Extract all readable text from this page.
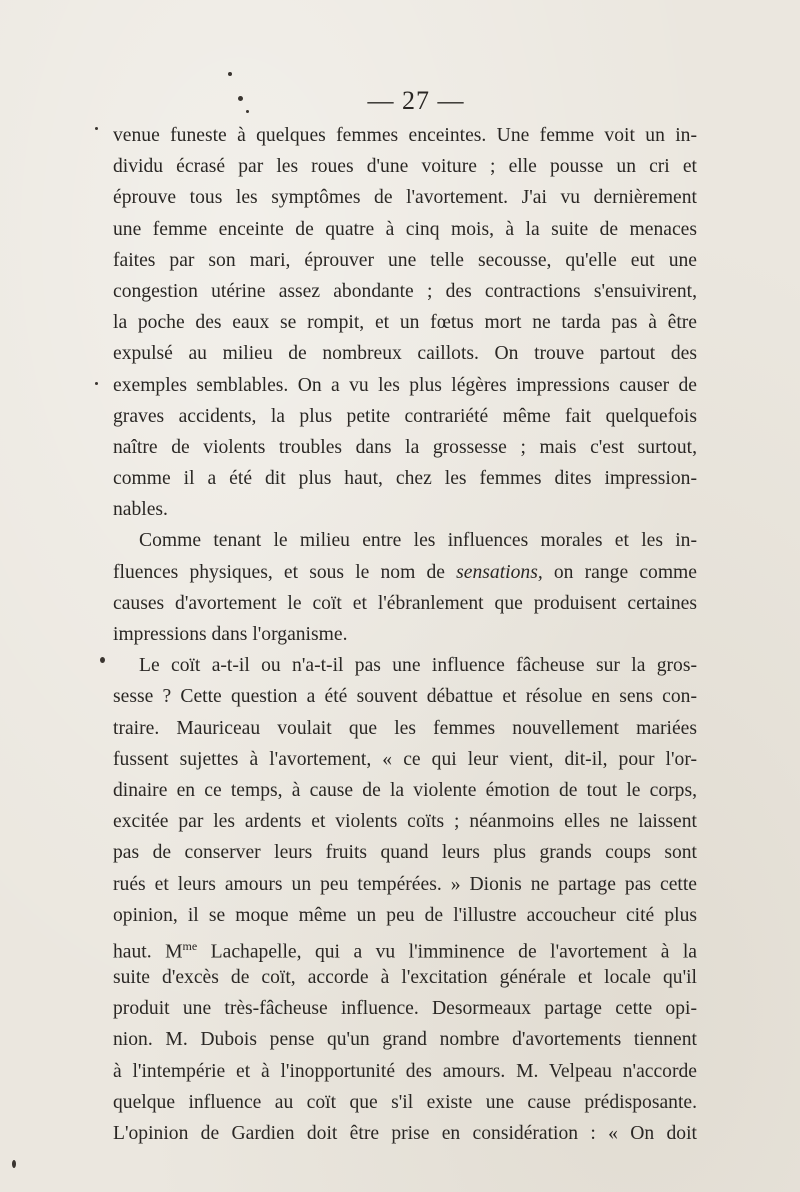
— 27 —
venue funeste à quelques femmes enceintes. Une femme voit un in-
dividu écrasé par les roues d'une voiture ; elle pousse un cri et
éprouve tous les symptômes de l'avortement. J'ai vu dernièrement
une femme enceinte de quatre à cinq mois, à la suite de menaces
faites par son mari, éprouver une telle secousse, qu'elle eut une
congestion utérine assez abondante ; des contractions s'ensuivirent,
la poche des eaux se rompit, et un fœtus mort ne tarda pas à être
expulsé au milieu de nombreux caillots. On trouve partout des
exemples semblables. On a vu les plus légères impressions causer de
graves accidents, la plus petite contrariété même fait quelquefois
naître de violents troubles dans la grossesse ; mais c'est surtout,
comme il a été dit plus haut, chez les femmes dites impression-
nables.
Comme tenant le milieu entre les influences morales et les in-
fluences physiques, et sous le nom de sensations, on range comme
causes d'avortement le coït et l'ébranlement que produisent certaines
impressions dans l'organisme.
Le coït a-t-il ou n'a-t-il pas une influence fâcheuse sur la gros-
sesse ? Cette question a été souvent débattue et résolue en sens con-
traire. Mauriceau voulait que les femmes nouvellement mariées
fussent sujettes à l'avortement, « ce qui leur vient, dit-il, pour l'or-
dinaire en ce temps, à cause de la violente émotion de tout le corps,
excitée par les ardents et violents coïts ; néanmoins elles ne laissent
pas de conserver leurs fruits quand leurs plus grands coups sont
rués et leurs amours un peu tempérées. » Dionis ne partage pas cette
opinion, il se moque même un peu de l'illustre accoucheur cité plus
haut. $M^{me}$ Lachapelle, qui a vu l'imminence de l'avortement à la
suite d'excès de coït, accorde à l'excitation générale et locale qu'il
produit une très-fâcheuse influence. Desormeaux partage cette opi-
nion. M. Dubois pense qu'un grand nombre d'avortements tiennent
à l'intempérie et à l'inopportunité des amours. M. Velpeau n'accorde
quelque influence au coït que s'il existe une cause prédisposante.
L'opinion de Gardien doit être prise en considération : « On doit
